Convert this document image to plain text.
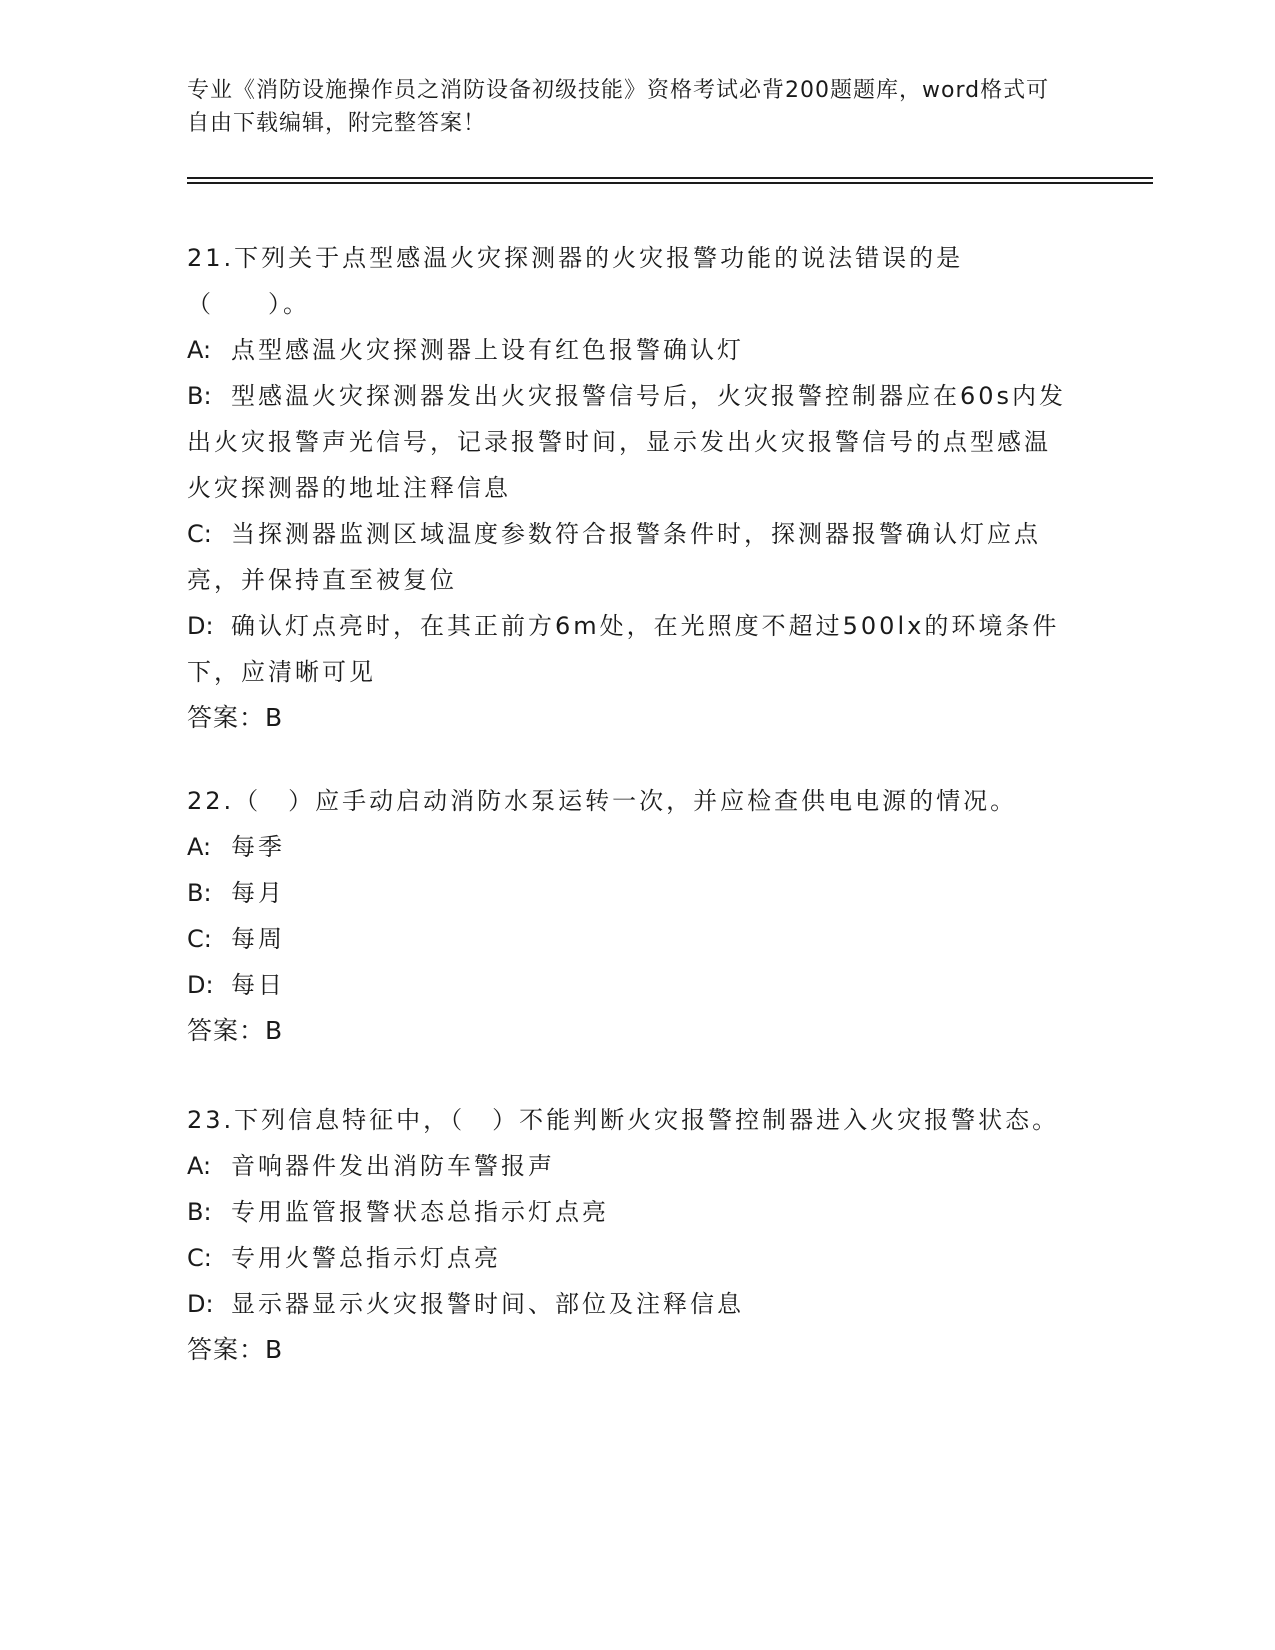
专业《消防设施操作员之消防设备初级技能》资格考试必背200题题库，word格式可自由下载编辑，附完整答案！

21.下列关于点型感温火灾探测器的火灾报警功能的说法错误的是（　　）。

A: 点型感温火灾探测器上设有红色报警确认灯

B: 型感温火灾探测器发出火灾报警信号后，火灾报警控制器应在60s内发出火灾报警声光信号，记录报警时间，显示发出火灾报警信号的点型感温火灾探测器的地址注释信息

C: 当探测器监测区域温度参数符合报警条件时，探测器报警确认灯应点亮，并保持直至被复位

D: 确认灯点亮时，在其正前方6m处，在光照度不超过500lx的环境条件下，应清晰可见

答案：B

22.（　）应手动启动消防水泵运转一次，并应检查供电电源的情况。

A: 每季

B: 每月

C: 每周

D: 每日

答案：B

23.下列信息特征中，（　）不能判断火灾报警控制器进入火灾报警状态。

A: 音响器件发出消防车警报声

B: 专用监管报警状态总指示灯点亮

C: 专用火警总指示灯点亮

D: 显示器显示火灾报警时间、部位及注释信息

答案：B
